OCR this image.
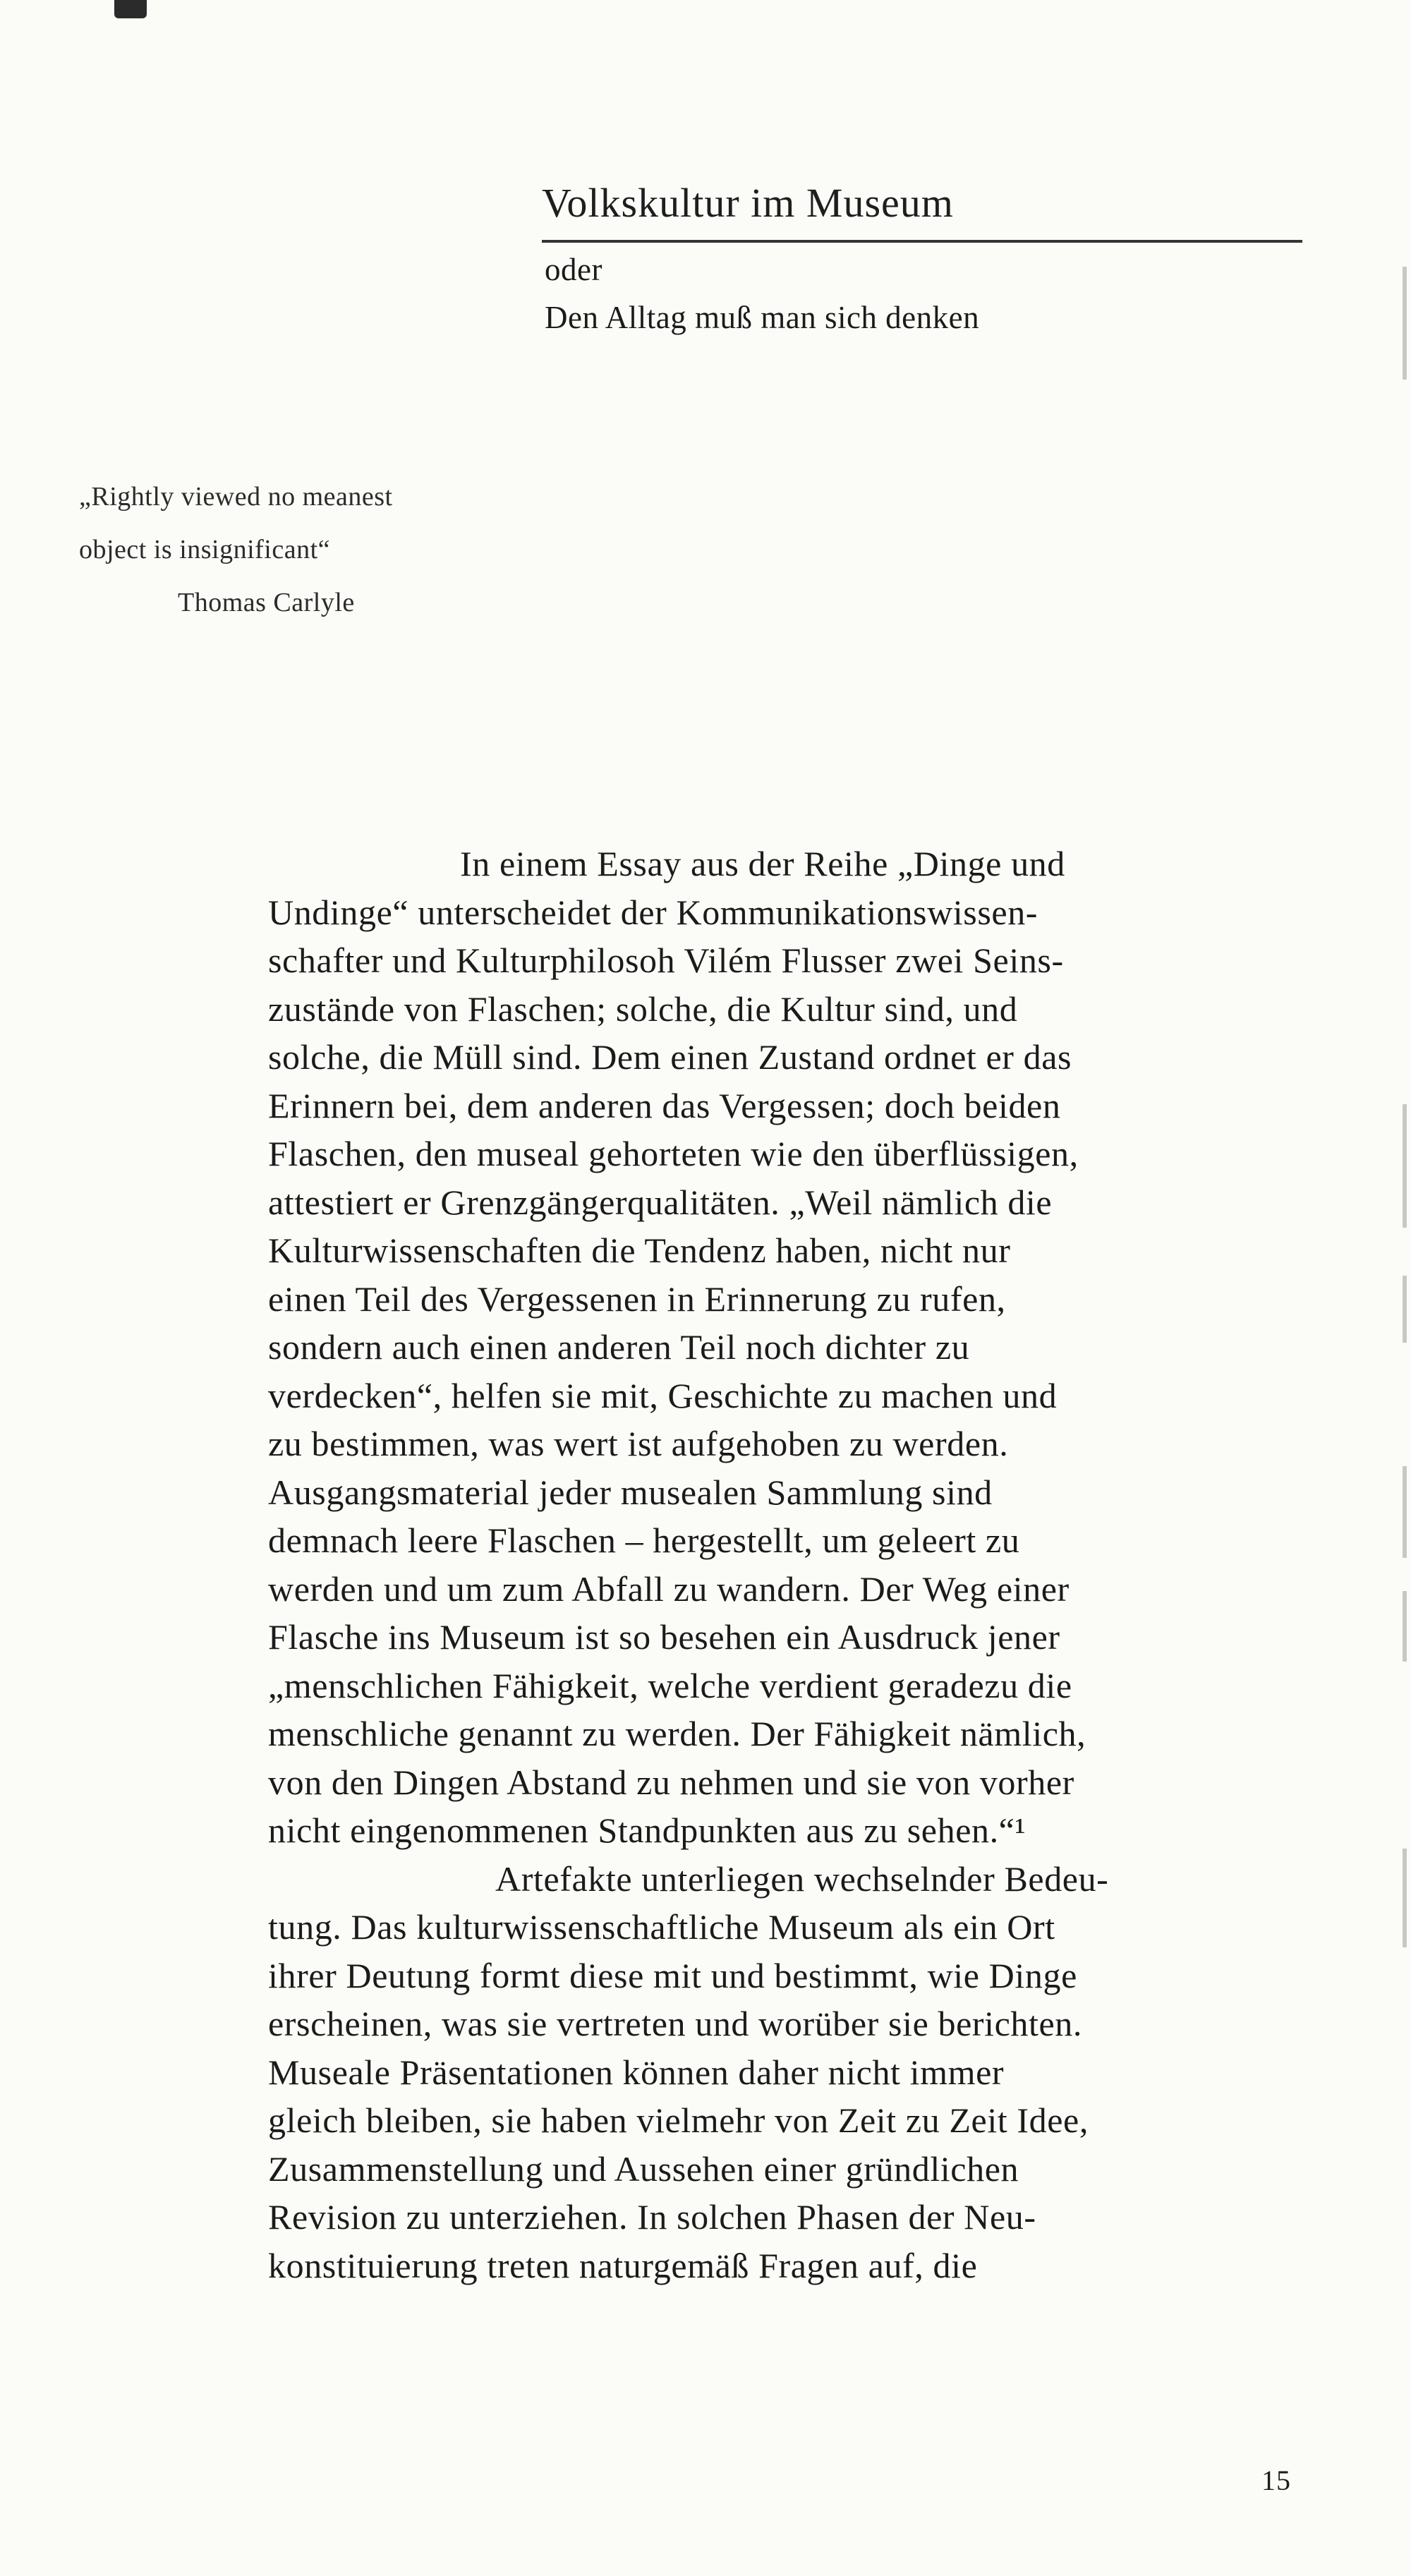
Volkskultur im Museum
oder
Den Alltag muß man sich denken
„Rightly viewed no meanest
object is insignificant“
Thomas Carlyle
In einem Essay aus der Reihe „Dinge und
Undinge“ unterscheidet der Kommunikationswissen-
schafter und Kulturphilosoh Vilém Flusser zwei Seins-
zustände von Flaschen; solche, die Kultur sind, und
solche, die Müll sind. Dem einen Zustand ordnet er das
Erinnern bei, dem anderen das Vergessen; doch beiden
Flaschen, den museal gehorteten wie den überflüssigen,
attestiert er Grenzgängerqualitäten. „Weil nämlich die
Kulturwissenschaften die Tendenz haben, nicht nur
einen Teil des Vergessenen in Erinnerung zu rufen,
sondern auch einen anderen Teil noch dichter zu
verdecken“, helfen sie mit, Geschichte zu machen und
zu bestimmen, was wert ist aufgehoben zu werden.
Ausgangsmaterial jeder musealen Sammlung sind
demnach leere Flaschen – hergestellt, um geleert zu
werden und um zum Abfall zu wandern. Der Weg einer
Flasche ins Museum ist so besehen ein Ausdruck jener
„menschlichen Fähigkeit, welche verdient geradezu die
menschliche genannt zu werden. Der Fähigkeit nämlich,
von den Dingen Abstand zu nehmen und sie von vorher
nicht eingenommenen Standpunkten aus zu sehen.“¹
Artefakte unterliegen wechselnder Bedeu-
tung. Das kulturwissenschaftliche Museum als ein Ort
ihrer Deutung formt diese mit und bestimmt, wie Dinge
erscheinen, was sie vertreten und worüber sie berichten.
Museale Präsentationen können daher nicht immer
gleich bleiben, sie haben vielmehr von Zeit zu Zeit Idee,
Zusammenstellung und Aussehen einer gründlichen
Revision zu unterziehen. In solchen Phasen der Neu-
konstituierung treten naturgemäß Fragen auf, die
15
